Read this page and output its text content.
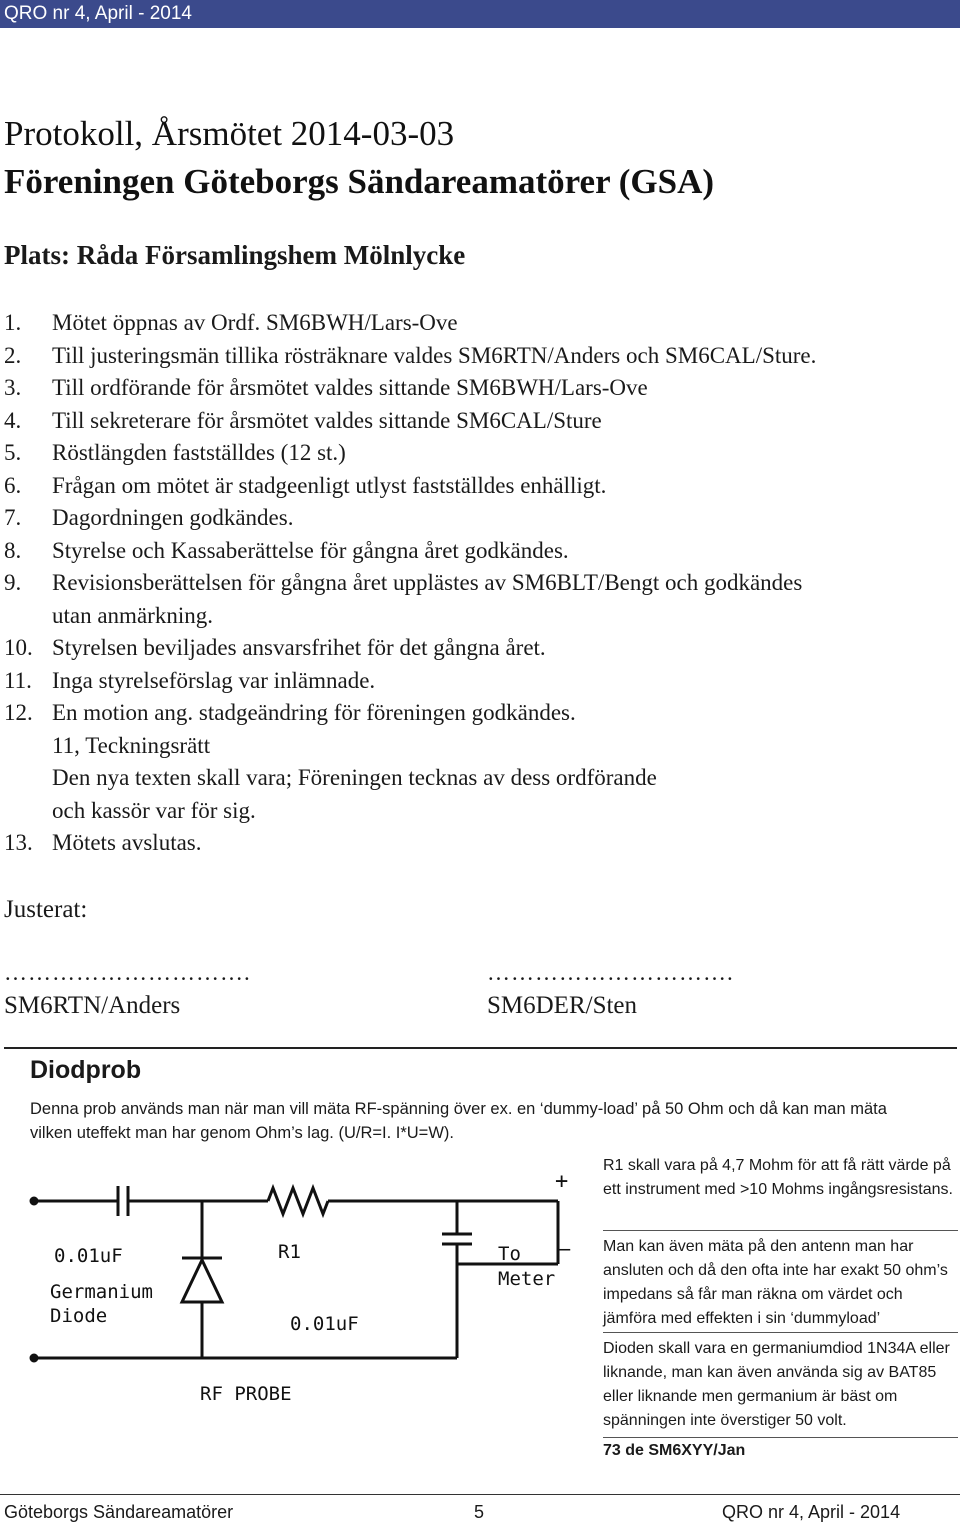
QRO nr 4, April - 2014
Protokoll, Årsmötet 2014-03-03
Föreningen Göteborgs Sändareamatörer (GSA)
Plats: Råda Församlingshem Mölnlycke
1. Mötet öppnas av Ordf. SM6BWH/Lars-Ove
2. Till justeringsmän tillika rösträknare valdes SM6RTN/Anders och SM6CAL/Sture.
3. Till ordförande för årsmötet valdes sittande SM6BWH/Lars-Ove
4. Till sekreterare för årsmötet valdes sittande SM6CAL/Sture
5. Röstlängden fastställdes (12 st.)
6. Frågan om mötet är stadgeenligt utlyst fastställdes enhälligt.
7. Dagordningen godkändes.
8. Styrelse och Kassaberättelse för gångna året godkändes.
9. Revisionsberättelsen för gångna året upplästes av SM6BLT/Bengt och godkändes
utan anmärkning.
10. Styrelsen beviljades ansvarsfrihet för det gångna året.
11. Inga styrelseförslag var inlämnade.
12. En motion ang. stadgeändring för föreningen godkändes.
11, Teckningsrätt
Den nya texten skall vara; Föreningen tecknas av dess ordförande
och kassör var för sig.
13. Mötets avslutas.
Justerat:
………………………….
SM6RTN/Anders
………………………….
SM6DER/Sten
Diodprob
Denna prob används man när man vill mäta RF-spänning över ex. en ‘dummy-load’ på 50 Ohm och då kan man mäta vilken uteffekt man har genom Ohm’s lag. (U/R=I. I*U=W).
0.01uF
Germanium Diode
R1
0.01uF
+
–
To Meter
RF PROBE
R1 skall vara på 4,7 Mohm för att få rätt värde på ett instrument med >10 Mohms ingångsresistans.
Man kan även mäta på den antenn man har ansluten och då den ofta inte har exakt 50 ohm’s impedans så får man räkna om värdet och jämföra med effekten i sin ‘dummyload’
Dioden skall vara en germaniumdiod 1N34A eller liknande, man kan även använda sig av BAT85 eller liknande men germanium är bäst om spänningen inte överstiger 50 volt.
73 de SM6XYY/Jan
Göteborgs Sändareamatörer	5	QRO nr 4, April - 2014
